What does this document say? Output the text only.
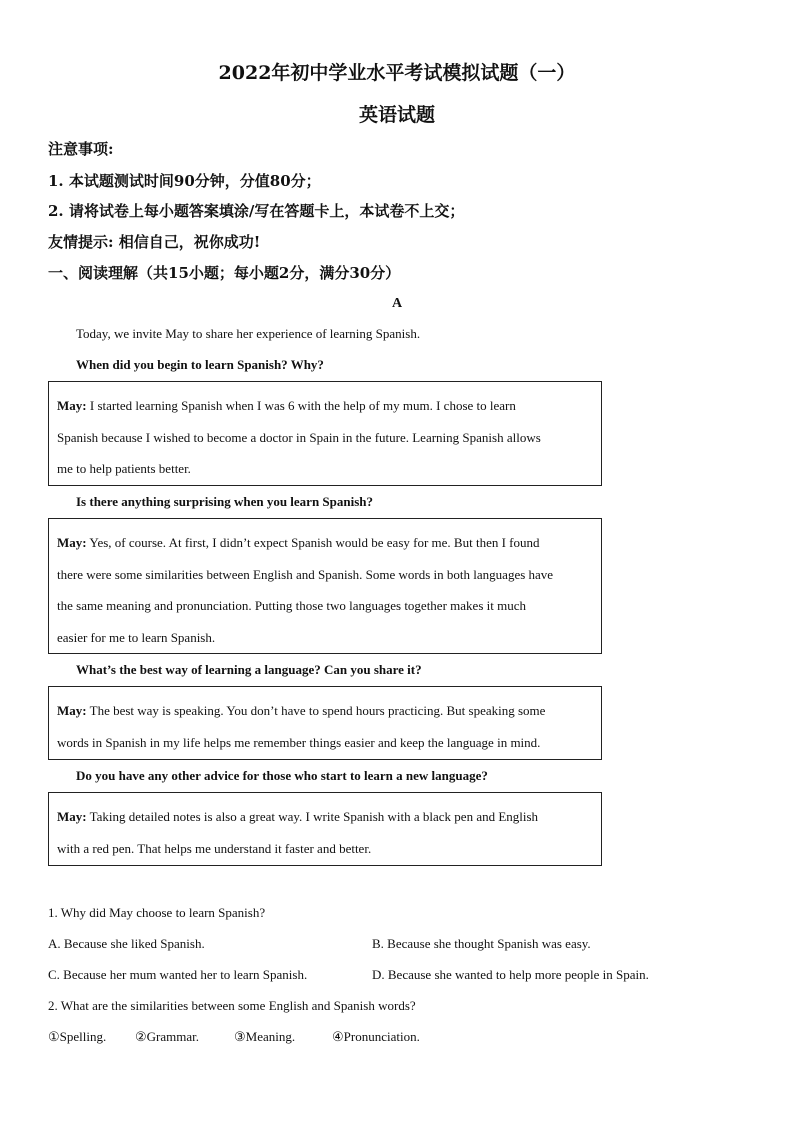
2022年初中学业水平考试模拟试题（一）
英语试题
注意事项:
1. 本试题测试时间90分钟，分值80分；
2. 请将试卷上每小题答案填涂/写在答题卡上，本试卷不上交；
友情提示: 相信自己，祝你成功!
一、阅读理解（共15小题；每小题2分，满分30分）
A
Today, we invite May to share her experience of learning Spanish.
When did you begin to learn Spanish? Why?
May: I started learning Spanish when I was 6 with the help of my mum. I chose to learn
Spanish because I wished to become a doctor in Spain in the future. Learning Spanish allows
me to help patients better.
Is there anything surprising when you learn Spanish?
May: Yes, of course. At first, I didn’t expect Spanish would be easy for me. But then I found
there were some similarities between English and Spanish. Some words in both languages have
the same meaning and pronunciation. Putting those two languages together makes it much
easier for me to learn Spanish.
What’s the best way of learning a language? Can you share it?
May: The best way is speaking. You don’t have to spend hours practicing. But speaking some
words in Spanish in my life helps me remember things easier and keep the language in mind.
Do you have any other advice for those who start to learn a new language?
May: Taking detailed notes is also a great way. I write Spanish with a black pen and English
with a red pen. That helps me understand it faster and better.
1. Why did May choose to learn Spanish?
A. Because she liked Spanish.	B. Because she thought Spanish was easy.
C. Because her mum wanted her to learn Spanish.	D. Because she wanted to help more people in Spain.
2. What are the similarities between some English and Spanish words?
①Spelling. ②Grammar.	③Meaning.	④Pronunciation.
